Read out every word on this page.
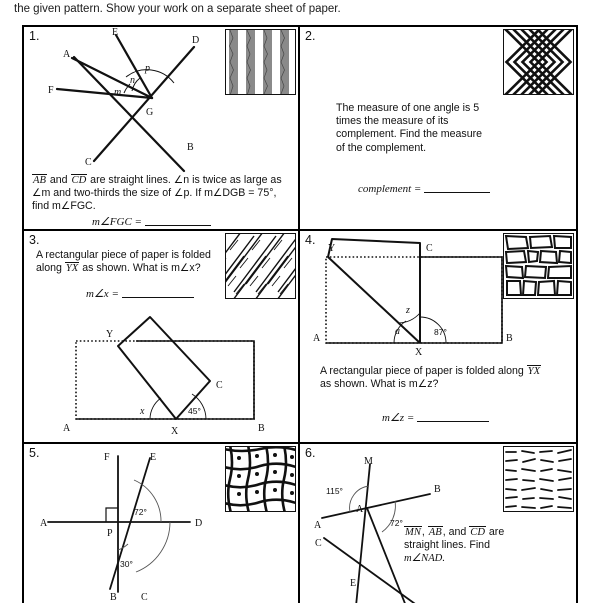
the given pattern. Show your work on a separate sheet of paper.
1.	E
D
A
p
n
F	m
G
B
C
AB and CD are straight lines. ∠n is twice as large as
∠m and two-thirds the size of ∠p. If m∠DGB = 75°,
find m∠FGC.
m∠FGC =
2.
The measure of one angle is 5
times the measure of its
complement. Find the measure
of the complement.
complement =
3.
A rectangular piece of paper is folded
along YX as shown. What is m∠x?
m∠x =
Y
C
x	45°
A	X	B
4.
Y	C
z
a	87°
A
X
B
A rectangular piece of paper is folded along YX
as shown. What is m∠z?
m∠z =
5.	F	E
A
P
D
72°
30°
B C
6.
M
115°
A
B
A	72°
C
E
MN, AB, and CD are
straight lines. Find
m∠NAD.
